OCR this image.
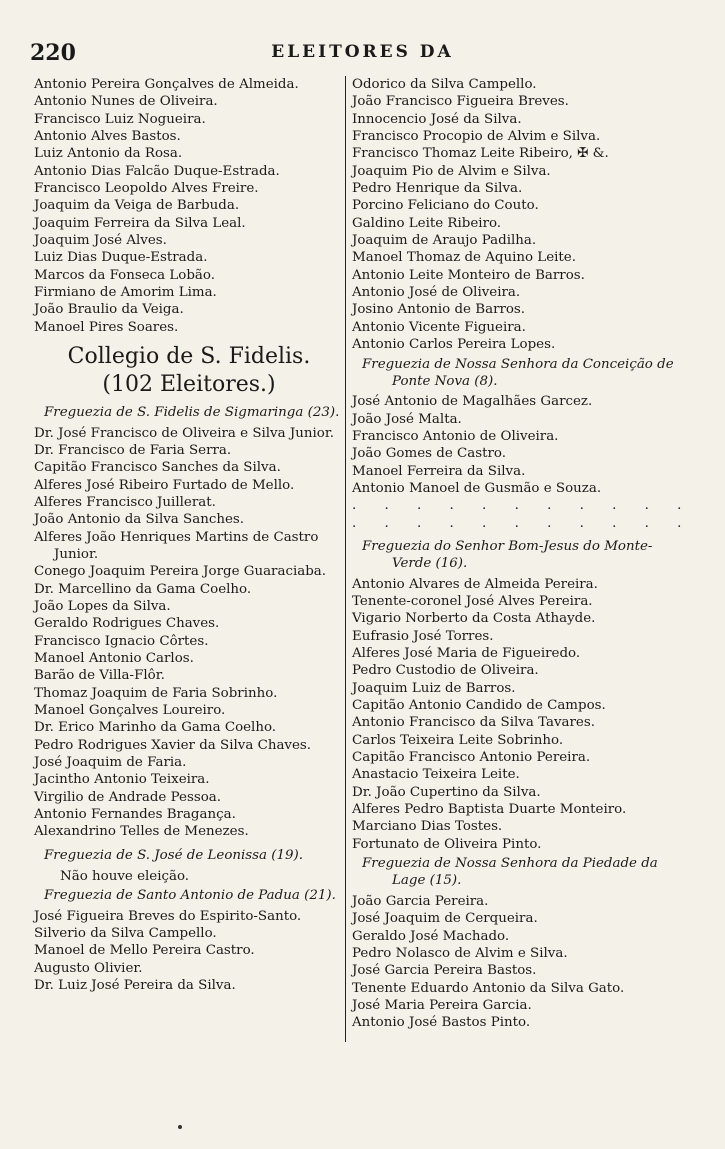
220	ELEITORES DA
Antonio Pereira Gonçalves de Almeida.
Antonio Nunes de Oliveira.
Francisco Luiz Nogueira.
Antonio Alves Bastos.
Luiz Antonio da Rosa.
Antonio Dias Falcão Duque-Estrada.
Francisco Leopoldo Alves Freire.
Joaquim da Veiga de Barbuda.
Joaquim Ferreira da Silva Leal.
Joaquim José Alves.
Luiz Dias Duque-Estrada.
Marcos da Fonseca Lobão.
Firmiano de Amorim Lima.
João Braulio da Veiga.
Manoel Pires Soares.
Collegio de S. Fidelis.
(102 Eleitores.)
Freguezia de S. Fidelis de Sigmaringa (23).
Dr. José Francisco de Oliveira e Silva Junior.
Dr. Francisco de Faria Serra.
Capitão Francisco Sanches da Silva.
Alferes José Ribeiro Furtado de Mello.
Alferes Francisco Juillerat.
João Antonio da Silva Sanches.
Alferes João Henriques Martins de Castro Junior.
Conego Joaquim Pereira Jorge Guaraciaba.
Dr. Marcellino da Gama Coelho.
João Lopes da Silva.
Geraldo Rodrigues Chaves.
Francisco Ignacio Côrtes.
Manoel Antonio Carlos.
Barão de Villa-Flôr.
Thomaz Joaquim de Faria Sobrinho.
Manoel Gonçalves Loureiro.
Dr. Erico Marinho da Gama Coelho.
Pedro Rodrigues Xavier da Silva Chaves.
José Joaquim de Faria.
Jacintho Antonio Teixeira.
Virgilio de Andrade Pessoa.
Antonio Fernandes Bragança.
Alexandrino Telles de Menezes.
Freguezia de S. José de Leonissa (19).
Não houve eleição.
Freguezia de Santo Antonio de Padua (21).
José Figueira Breves do Espirito-Santo.
Silverio da Silva Campello.
Manoel de Mello Pereira Castro.
Augusto Olivier.
Dr. Luiz José Pereira da Silva.
Odorico da Silva Campello.
João Francisco Figueira Breves.
Innocencio José da Silva.
Francisco Procopio de Alvim e Silva.
Francisco Thomaz Leite Ribeiro, ✠ &.
Joaquim Pio de Alvim e Silva.
Pedro Henrique da Silva.
Porcino Feliciano do Couto.
Galdino Leite Ribeiro.
Joaquim de Araujo Padilha.
Manoel Thomaz de Aquino Leite.
Antonio Leite Monteiro de Barros.
Antonio José de Oliveira.
Josino Antonio de Barros.
Antonio Vicente Figueira.
Antonio Carlos Pereira Lopes.
Freguezia de Nossa Senhora da Conceição de Ponte Nova (8).
José Antonio de Magalhães Garcez.
João José Malta.
Francisco Antonio de Oliveira.
João Gomes de Castro.
Manoel Ferreira da Silva.
Antonio Manoel de Gusmão e Souza.
. . . . . . . . . . .
. . . . . . . . . . .
Freguezia do Senhor Bom-Jesus do Monte-Verde (16).
Antonio Alvares de Almeida Pereira.
Tenente-coronel José Alves Pereira.
Vigario Norberto da Costa Athayde.
Eufrasio José Torres.
Alferes José Maria de Figueiredo.
Pedro Custodio de Oliveira.
Joaquim Luiz de Barros.
Capitão Antonio Candido de Campos.
Antonio Francisco da Silva Tavares.
Carlos Teixeira Leite Sobrinho.
Capitão Francisco Antonio Pereira.
Anastacio Teixeira Leite.
Dr. João Cupertino da Silva.
Alferes Pedro Baptista Duarte Monteiro.
Marciano Dias Tostes.
Fortunato de Oliveira Pinto.
Freguezia de Nossa Senhora da Piedade da Lage (15).
João Garcia Pereira.
José Joaquim de Cerqueira.
Geraldo José Machado.
Pedro Nolasco de Alvim e Silva.
José Garcia Pereira Bastos.
Tenente Eduardo Antonio da Silva Gato.
José Maria Pereira Garcia.
Antonio José Bastos Pinto.
